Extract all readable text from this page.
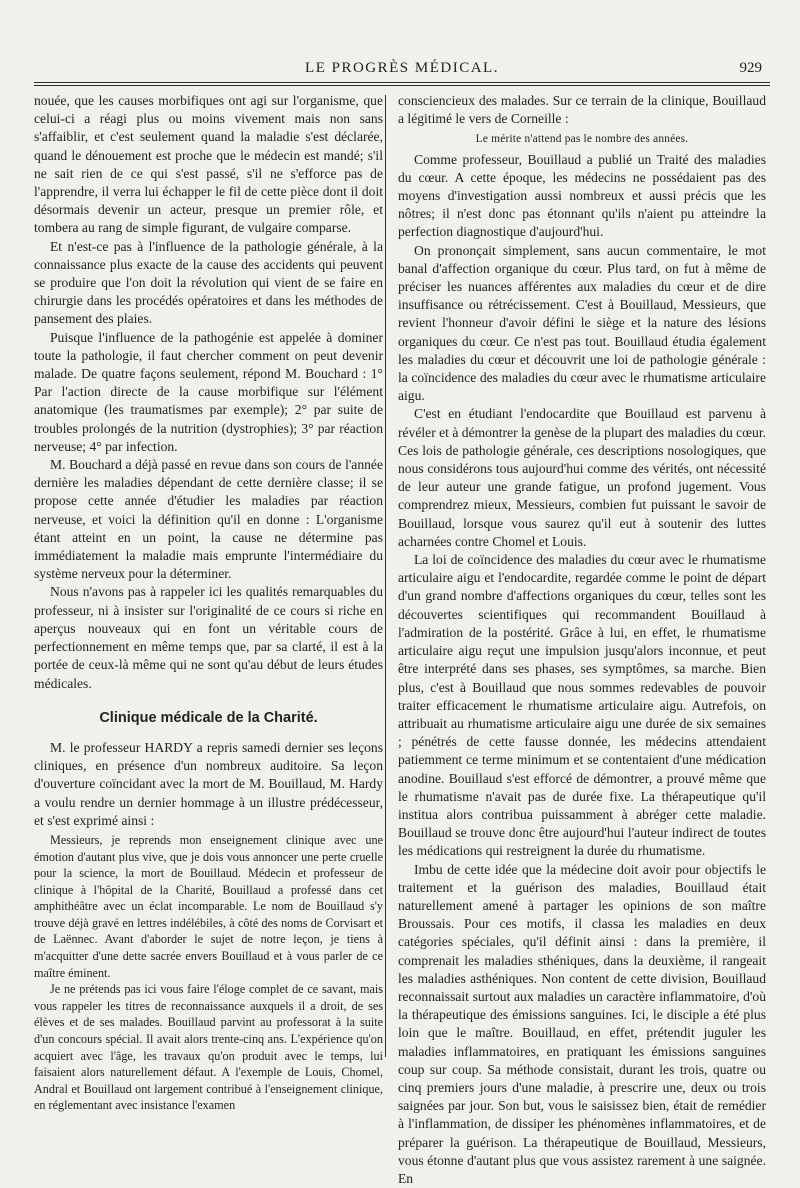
LE PROGRÈS MÉDICAL.	929

nouée, que les causes morbifiques ont agi sur l'organisme, que celui-ci a réagi plus ou moins vivement mais non sans s'affaiblir, et c'est seulement quand la maladie s'est déclarée, quand le dénouement est proche que le médecin est mandé; s'il ne sait rien de ce qui s'est passé, s'il ne s'efforce pas de l'apprendre, il verra lui échapper le fil de cette pièce dont il doit désormais devenir un acteur, presque un premier rôle, et tombera au rang de simple figurant, de vulgaire comparse.

Et n'est-ce pas à l'influence de la pathologie générale, à la connaissance plus exacte de la cause des accidents qui peuvent se produire que l'on doit la révolution qui vient de se faire en chirurgie dans les procédés opératoires et dans les méthodes de pansement des plaies.

Puisque l'influence de la pathogénie est appelée à dominer toute la pathologie, il faut chercher comment on peut devenir malade. De quatre façons seulement, répond M. Bouchard : 1° Par l'action directe de la cause morbifique sur l'élément anatomique (les traumatismes par exemple); 2° par suite de troubles prolongés de la nutrition (dystrophies); 3° par réaction nerveuse; 4° par infection.

M. Bouchard a déjà passé en revue dans son cours de l'année dernière les maladies dépendant de cette dernière classe; il se propose cette année d'étudier les maladies par réaction nerveuse, et voici la définition qu'il en donne : L'organisme étant atteint en un point, la cause ne détermine pas immédiatement la maladie mais emprunte l'intermédiaire du système nerveux pour la déterminer.

Nous n'avons pas à rappeler ici les qualités remarquables du professeur, ni à insister sur l'originalité de ce cours si riche en aperçus nouveaux qui en font un véritable cours de perfectionnement en même temps que, par sa clarté, il est à la portée de ceux-là même qui ne sont qu'au début de leurs études médicales.

Clinique médicale de la Charité.

M. le professeur HARDY a repris samedi dernier ses leçons cliniques, en présence d'un nombreux auditoire. Sa leçon d'ouverture coïncidant avec la mort de M. Bouillaud, M. Hardy a voulu rendre un dernier hommage à un illustre prédécesseur, et s'est exprimé ainsi :

Messieurs, je reprends mon enseignement clinique avec une émotion d'autant plus vive, que je dois vous annoncer une perte cruelle pour la science, la mort de Bouillaud. Médecin et professeur de clinique à l'hôpital de la Charité, Bouillaud a professé dans cet amphithéâtre avec un éclat incomparable. Le nom de Bouillaud s'y trouve déjà gravé en lettres indélébiles, à côté des noms de Corvisart et de Laënnec. Avant d'aborder le sujet de notre leçon, je tiens à m'acquitter d'une dette sacrée envers Bouillaud et à vous parler de ce maître éminent.

Je ne prétends pas ici vous faire l'éloge complet de ce savant, mais vous rappeler les titres de reconnaissance auxquels il a droit, de ses élèves et de ses malades. Bouillaud parvint au professorat à la suite d'un concours spécial. Il avait alors trente-cinq ans. L'expérience qu'on acquiert avec l'âge, les travaux qu'on produit avec le temps, lui faisaient alors naturellement défaut. A l'exemple de Louis, Chomel, Andral et Bouillaud ont largement contribué à l'enseignement clinique, en réglementant avec insistance l'examen

consciencieux des malades. Sur ce terrain de la clinique, Bouillaud a légitimé le vers de Corneille :

Le mérite n'attend pas le nombre des années.

Comme professeur, Bouillaud a publié un Traité des maladies du cœur. A cette époque, les médecins ne possédaient pas des moyens d'investigation aussi nombreux et aussi précis que les nôtres; il n'est donc pas étonnant qu'ils n'aient pu atteindre la perfection diagnostique d'aujourd'hui.

On prononçait simplement, sans aucun commentaire, le mot banal d'affection organique du cœur. Plus tard, on fut à même de préciser les nuances afférentes aux maladies du cœur et de dire insuffisance ou rétrécissement. C'est à Bouillaud, Messieurs, que revient l'honneur d'avoir défini le siège et la nature des lésions organiques du cœur. Ce n'est pas tout. Bouillaud étudia également les maladies du cœur et découvrit une loi de pathologie générale : la coïncidence des maladies du cœur avec le rhumatisme articulaire aigu.

C'est en étudiant l'endocardite que Bouillaud est parvenu à révéler et à démontrer la genèse de la plupart des maladies du cœur. Ces lois de pathologie générale, ces descriptions nosologiques, que nous considérons tous aujourd'hui comme des vérités, ont nécessité de leur auteur une grande fatigue, un profond jugement. Vous comprendrez mieux, Messieurs, combien fut puissant le savoir de Bouillaud, lorsque vous saurez qu'il eut à soutenir des luttes acharnées contre Chomel et Louis.

La loi de coïncidence des maladies du cœur avec le rhumatisme articulaire aigu et l'endocardite, regardée comme le point de départ d'un grand nombre d'affections organiques du cœur, telles sont les découvertes scientifiques qui recommandent Bouillaud à l'admiration de la postérité. Grâce à lui, en effet, le rhumatisme articulaire aigu reçut une impulsion jusqu'alors inconnue, et peut être interprété dans ses phases, ses symptômes, sa marche. Bien plus, c'est à Bouillaud que nous sommes redevables de pouvoir traiter efficacement le rhumatisme articulaire aigu. Autrefois, on attribuait au rhumatisme articulaire aigu une durée de six semaines ; pénétrés de cette fausse donnée, les médecins attendaient patiemment ce terme minimum et se contentaient d'une médication anodine. Bouillaud s'est efforcé de démontrer, a prouvé même que le rhumatisme n'avait pas de durée fixe. La thérapeutique qu'il institua alors contribua puissamment à abréger cette maladie. Bouillaud se trouve donc être aujourd'hui l'auteur indirect de toutes les médications qui restreignent la durée du rhumatisme.

Imbu de cette idée que la médecine doit avoir pour objectifs le traitement et la guérison des maladies, Bouillaud était naturellement amené à partager les opinions de son maître Broussais. Pour ces motifs, il classa les maladies en deux catégories spéciales, qu'il définit ainsi : dans la première, il comprenait les maladies sthéniques, dans la deuxième, il rangeait les maladies asthéniques. Non content de cette division, Bouillaud reconnaissait surtout aux maladies un caractère inflammatoire, d'où la thérapeutique des émissions sanguines. Ici, le disciple a été plus loin que le maître. Bouillaud, en effet, prétendit juguler les maladies inflammatoires, en pratiquant les émissions sanguines coup sur coup. Sa méthode consistait, durant les trois, quatre ou cinq premiers jours d'une maladie, à prescrire une, deux ou trois saignées par jour. Son but, vous le saisissez bien, était de remédier à l'inflammation, de dissiper les phénomènes inflammatoires, et de préparer la guérison. La thérapeutique de Bouillaud, Messieurs, vous étonne d'autant plus que vous assistez rarement à une saignée. En
